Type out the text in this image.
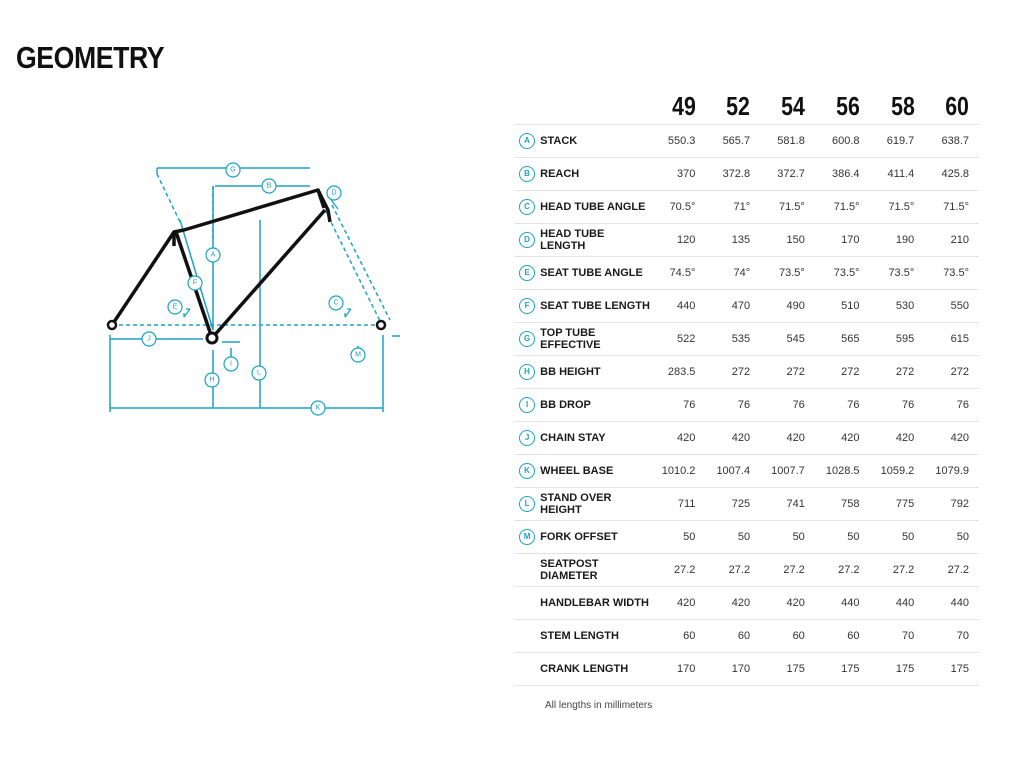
GEOMETRY
G
B
A
D
F
E
C
J
H
I
L
K
M
		49	52	54	56	58	60
A	STACK	550.3	565.7	581.8	600.8	619.7	638.7
B	REACH	370	372.8	372.7	386.4	411.4	425.8
C	HEAD TUBE ANGLE	70.5°	71°	71.5°	71.5°	71.5°	71.5°
D	HEAD TUBE LENGTH	120	135	150	170	190	210
E	SEAT TUBE ANGLE	74.5°	74°	73.5°	73.5°	73.5°	73.5°
F	SEAT TUBE LENGTH	440	470	490	510	530	550
G	TOP TUBE EFFECTIVE	522	535	545	565	595	615
H	BB HEIGHT	283.5	272	272	272	272	272
I	BB DROP	76	76	76	76	76	76
J	CHAIN STAY	420	420	420	420	420	420
K	WHEEL BASE	1010.2	1007.4	1007.7	1028.5	1059.2	1079.9
L	STAND OVER HEIGHT	711	725	741	758	775	792
M	FORK OFFSET	50	50	50	50	50	50
	SEATPOST DIAMETER	27.2	27.2	27.2	27.2	27.2	27.2
	HANDLEBAR WIDTH	420	420	420	440	440	440
	STEM LENGTH	60	60	60	60	70	70
	CRANK LENGTH	170	170	175	175	175	175
All lengths in millimeters
